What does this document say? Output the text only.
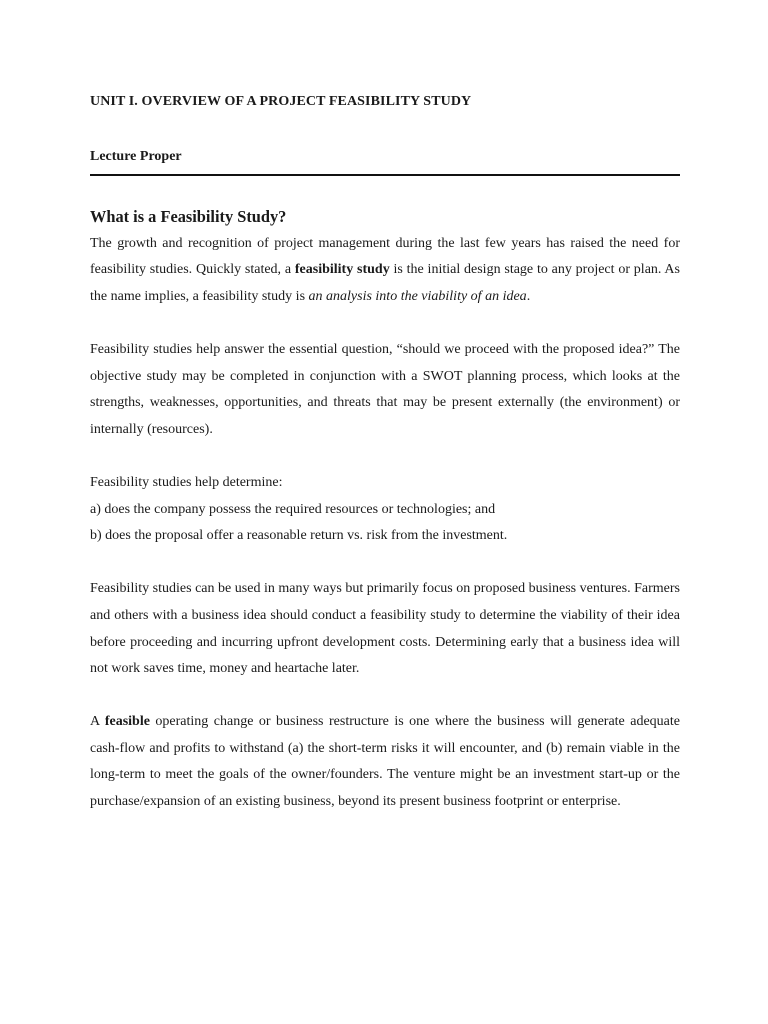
UNIT I. OVERVIEW OF A PROJECT FEASIBILITY STUDY
Lecture Proper
What is a Feasibility Study?

The growth and recognition of project management during the last few years has raised the need for feasibility studies. Quickly stated, a feasibility study is the initial design stage to any project or plan. As the name implies, a feasibility study is an analysis into the viability of an idea.

Feasibility studies help answer the essential question, “should we proceed with the proposed idea?” The objective study may be completed in conjunction with a SWOT planning process, which looks at the strengths, weaknesses, opportunities, and threats that may be present externally (the environment) or internally (resources).

Feasibility studies help determine:

a) does the company possess the required resources or technologies; and

b) does the proposal offer a reasonable return vs. risk from the investment.

Feasibility studies can be used in many ways but primarily focus on proposed business ventures. Farmers and others with a business idea should conduct a feasibility study to determine the viability of their idea before proceeding and incurring upfront development costs. Determining early that a business idea will not work saves time, money and heartache later.

A feasible operating change or business restructure is one where the business will generate adequate cash-flow and profits to withstand (a) the short-term risks it will encounter, and (b) remain viable in the long-term to meet the goals of the owner/founders. The venture might be an investment start-up or the purchase/expansion of an existing business, beyond its present business footprint or enterprise.
